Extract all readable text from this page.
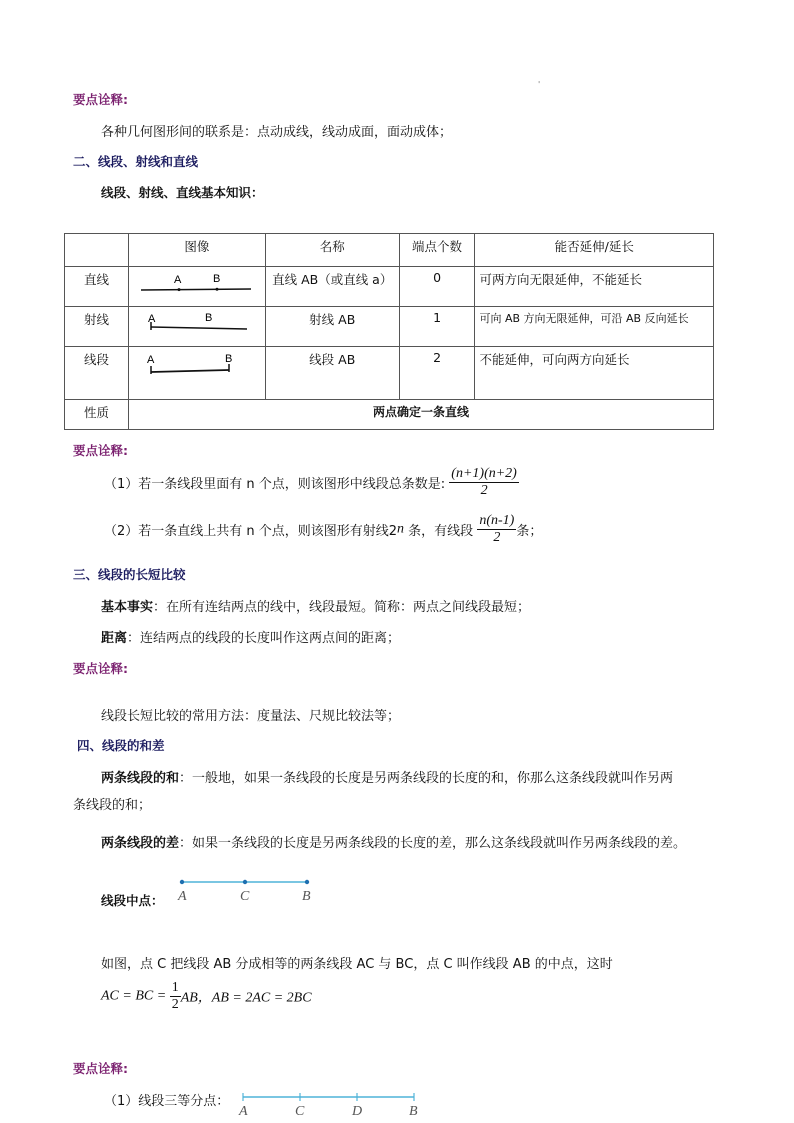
'
要点诠释:
各种几何图形间的联系是：点动成线，线动成面，面动成体；
二、线段、射线和直线
线段、射线、直线基本知识：
	图像	名称	端点个数	能否延伸/延长
直线	A B	直线 AB（或直线 a）	0	可两方向无限延伸，不能延长
射线	A B	射线 AB	1	可向 AB 方向无限延伸，可沿 AB 反向延长
线段	A B	线段 AB	2	不能延伸，可向两方向延长
性质	两点确定一条直线			
要点诠释:
（1）若一条线段里面有 n 个点，则该图形中线段总条数是: $\frac{(n+1)(n+2)}{2}$
（2）若一条直线上共有 n 个点，则该图形有射线2n 条，有线段 $\frac{n(n-1)}{2}$ 条；
三、线段的长短比较
基本事实：在所有连结两点的线中，线段最短。简称：两点之间线段最短；
距离：连结两点的线段的长度叫作这两点间的距离；
要点诠释:
线段长短比较的常用方法：度量法、尺规比较法等；
四、线段的和差
两条线段的和：一般地，如果一条线段的长度是另两条线段的长度的和，你那么这条线段就叫作另两
条线段的和；
两条线段的差：如果一条线段的长度是另两条线段的长度的差，那么这条线段就叫作另两条线段的差。
线段中点： A	C	B
如图，点 C 把线段 AB 分成相等的两条线段 AC 与 BC，点 C 叫作线段 AB 的中点，这时
AC = BC = $\frac{1}{2}$ AB，AB = 2AC = 2BC
要点诠释:
（1）线段三等分点：
A	C	D	B
